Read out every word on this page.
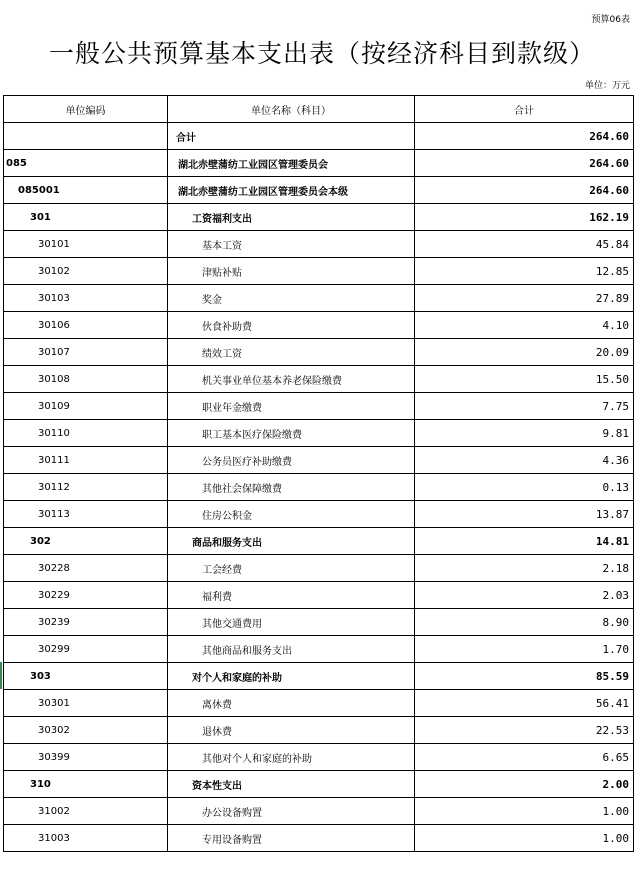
预算06表
一般公共预算基本支出表（按经济科目到款级）
单位：万元
单位编码	单位名称（科目）	合计
	合计	264.60
085	湖北赤壁蒲纺工业园区管理委员会	264.60
085001	湖北赤壁蒲纺工业园区管理委员会本级	264.60
301	工资福利支出	162.19
30101	基本工资	45.84
30102	津贴补贴	12.85
30103	奖金	27.89
30106	伙食补助费	4.10
30107	绩效工资	20.09
30108	机关事业单位基本养老保险缴费	15.50
30109	职业年金缴费	7.75
30110	职工基本医疗保险缴费	9.81
30111	公务员医疗补助缴费	4.36
30112	其他社会保障缴费	0.13
30113	住房公积金	13.87
302	商品和服务支出	14.81
30228	工会经费	2.18
30229	福利费	2.03
30239	其他交通费用	8.90
30299	其他商品和服务支出	1.70
303	对个人和家庭的补助	85.59
30301	离休费	56.41
30302	退休费	22.53
30399	其他对个人和家庭的补助	6.65
310	资本性支出	2.00
31002	办公设备购置	1.00
31003	专用设备购置	1.00
